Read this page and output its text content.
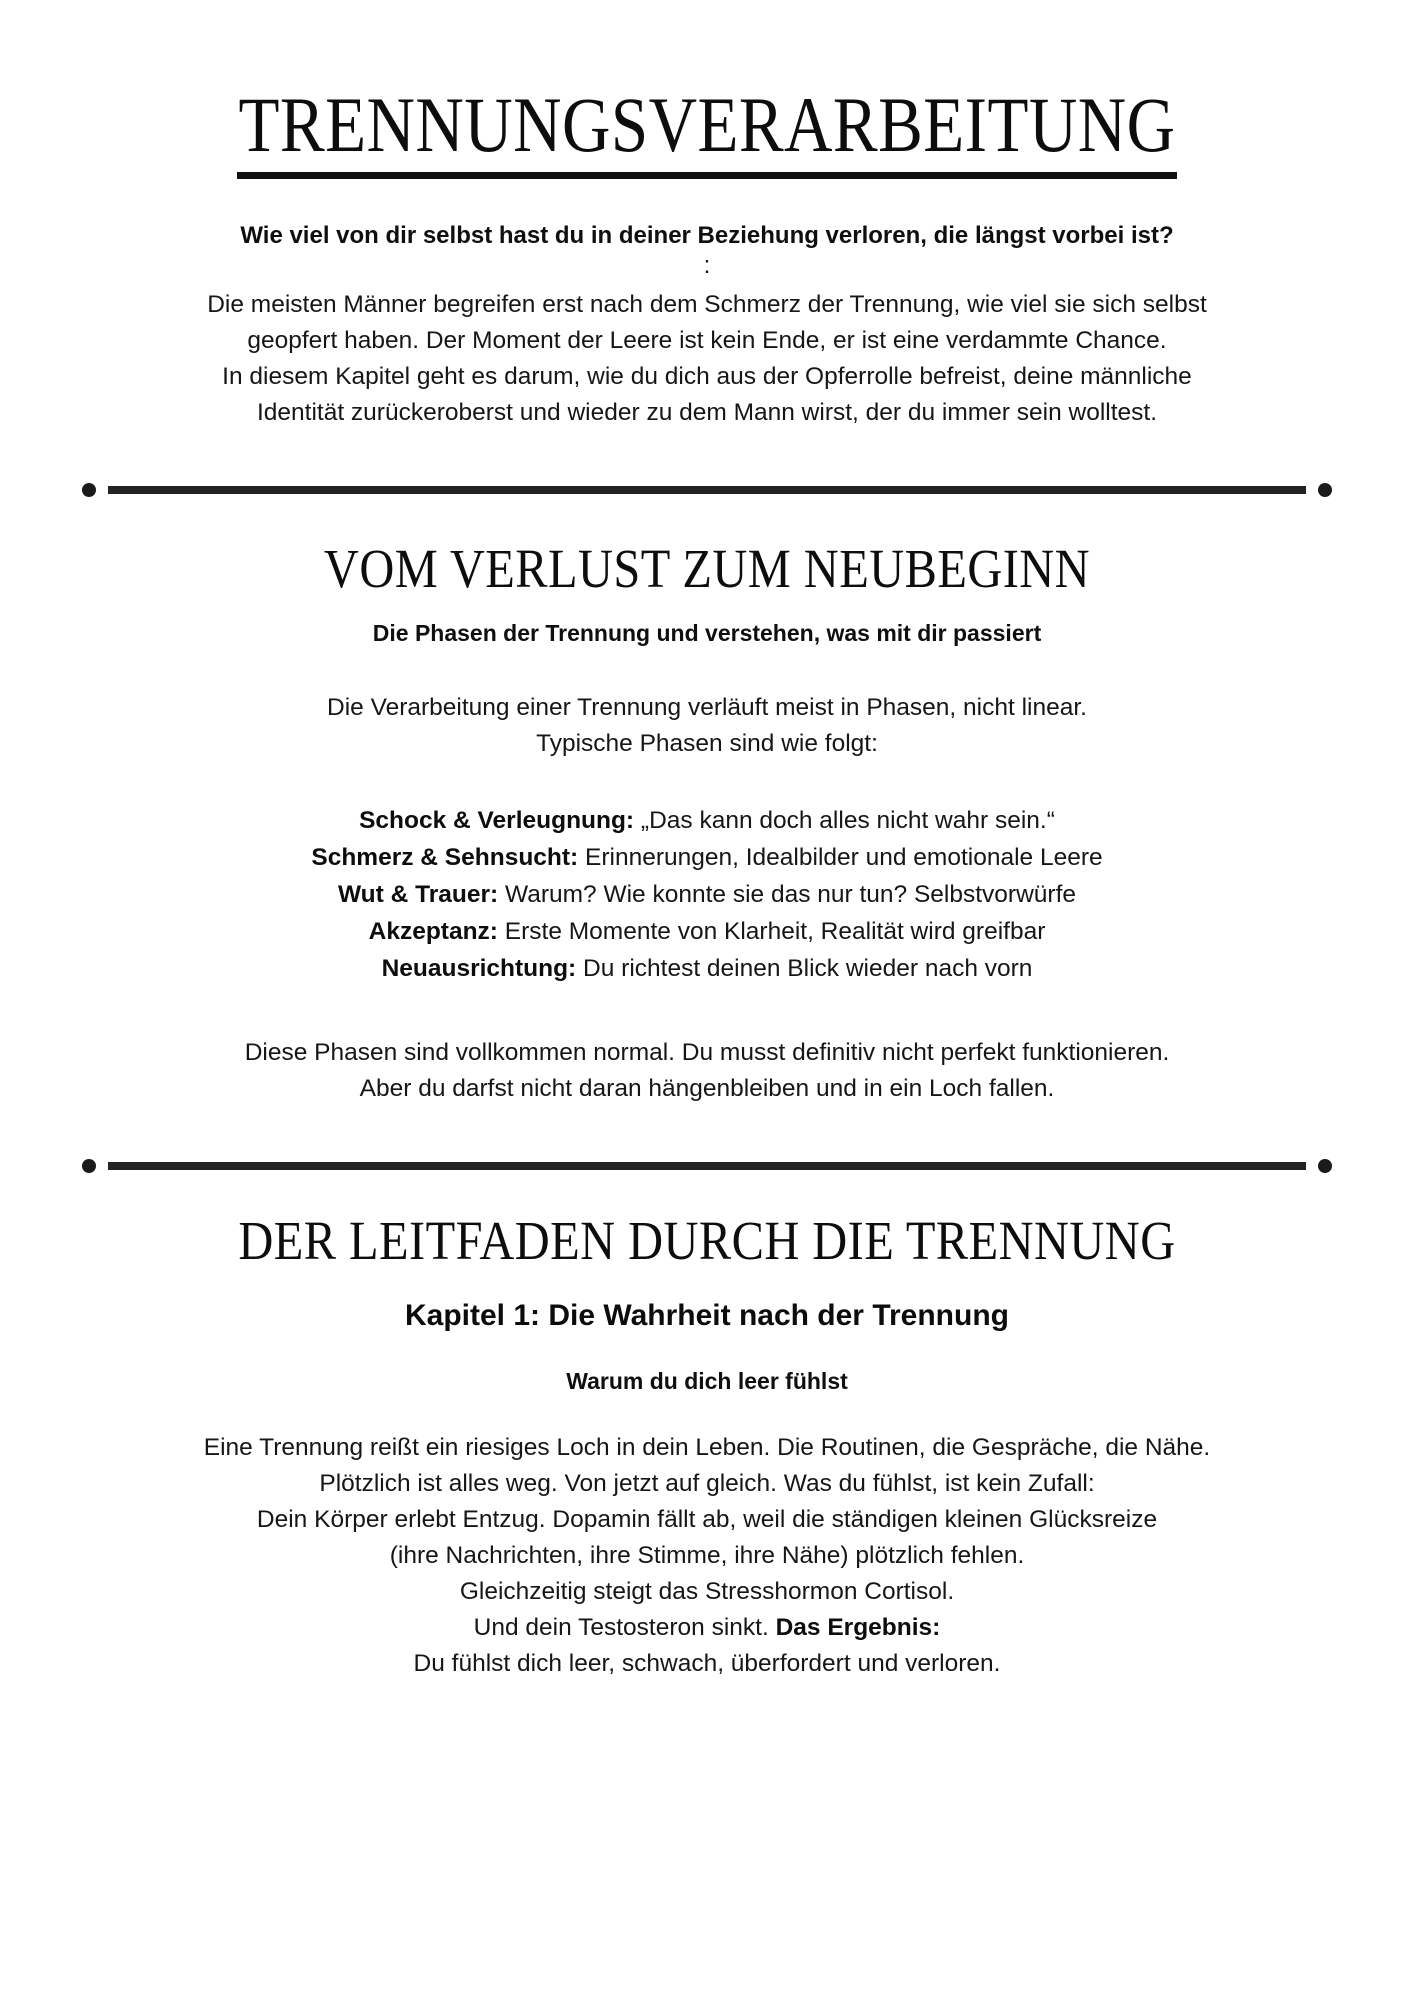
TRENNUNGSVERARBEITUNG

Wie viel von dir selbst hast du in deiner Beziehung verloren, die längst vorbei ist?

:

Die meisten Männer begreifen erst nach dem Schmerz der Trennung, wie viel sie sich selbst

geopfert haben. Der Moment der Leere ist kein Ende, er ist eine verdammte Chance.

In diesem Kapitel geht es darum, wie du dich aus der Opferrolle befreist, deine männliche

Identität zurückeroberst und wieder zu dem Mann wirst, der du immer sein wolltest.

VOM VERLUST ZUM NEUBEGINN

Die Phasen der Trennung und verstehen, was mit dir passiert

Die Verarbeitung einer Trennung verläuft meist in Phasen, nicht linear.

Typische Phasen sind wie folgt:

Schock & Verleugnung: „Das kann doch alles nicht wahr sein.“

Schmerz & Sehnsucht: Erinnerungen, Idealbilder und emotionale Leere

Wut & Trauer: Warum? Wie konnte sie das nur tun? Selbstvorwürfe

Akzeptanz: Erste Momente von Klarheit, Realität wird greifbar

Neuausrichtung: Du richtest deinen Blick wieder nach vorn

Diese Phasen sind vollkommen normal. Du musst definitiv nicht perfekt funktionieren.

Aber du darfst nicht daran hängenbleiben und in ein Loch fallen.

DER LEITFADEN DURCH DIE TRENNUNG

Kapitel 1: Die Wahrheit nach der Trennung

Warum du dich leer fühlst

Eine Trennung reißt ein riesiges Loch in dein Leben. Die Routinen, die Gespräche, die Nähe.

Plötzlich ist alles weg. Von jetzt auf gleich. Was du fühlst, ist kein Zufall:

Dein Körper erlebt Entzug. Dopamin fällt ab, weil die ständigen kleinen Glücksreize

(ihre Nachrichten, ihre Stimme, ihre Nähe) plötzlich fehlen.

Gleichzeitig steigt das Stresshormon Cortisol.

Und dein Testosteron sinkt. Das Ergebnis:

Du fühlst dich leer, schwach, überfordert und verloren.
